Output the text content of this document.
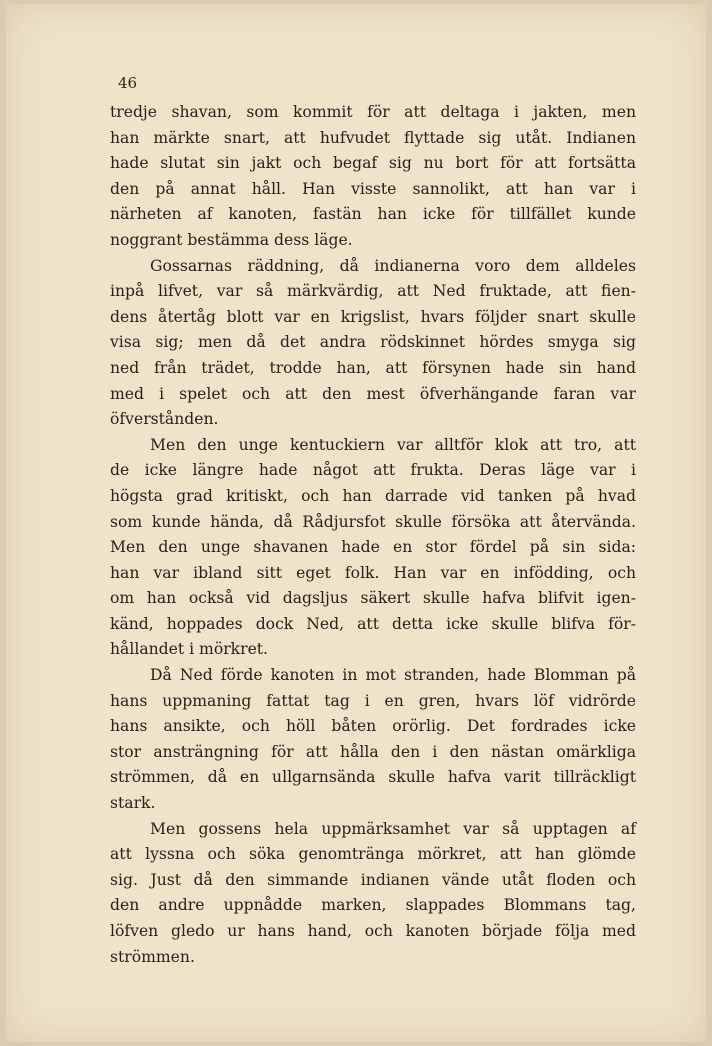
46

tredje shavan, som kommit för att deltaga i jakten, men
han märkte snart, att hufvudet flyttade sig utåt. Indianen
hade slutat sin jakt och begaf sig nu bort för att fortsätta
den på annat håll. Han visste sannolikt, att han var i
närheten af kanoten, fastän han icke för tillfället kunde
noggrant bestämma dess läge.

Gossarnas räddning, då indianerna voro dem alldeles
inpå lifvet, var så märkvärdig, att Ned fruktade, att fien-
dens återtåg blott var en krigslist, hvars följder snart skulle
visa sig; men då det andra rödskinnet hördes smyga sig
ned från trädet, trodde han, att försynen hade sin hand
med i spelet och att den mest öfverhängande faran var
öfverstånden.

Men den unge kentuckiern var alltför klok att tro, att
de icke längre hade något att frukta. Deras läge var i
högsta grad kritiskt, och han darrade vid tanken på hvad
som kunde hända, då Rådjursfot skulle försöka att återvända.
Men den unge shavanen hade en stor fördel på sin sida:
han var ibland sitt eget folk. Han var en infödding, och
om han också vid dagsljus säkert skulle hafva blifvit igen-
känd, hoppades dock Ned, att detta icke skulle blifva för-
hållandet i mörkret.

Då Ned förde kanoten in mot stranden, hade Blomman på
hans uppmaning fattat tag i en gren, hvars löf vidrörde
hans ansikte, och höll båten orörlig. Det fordrades icke
stor ansträngning för att hålla den i den nästan omärkliga
strömmen, då en ullgarnsända skulle hafva varit tillräckligt
stark.

Men gossens hela uppmärksamhet var så upptagen af
att lyssna och söka genomtränga mörkret, att han glömde
sig. Just då den simmande indianen vände utåt floden och
den andre uppnådde marken, slappades Blommans tag,
löfven gledo ur hans hand, och kanoten började följa med
strömmen.
